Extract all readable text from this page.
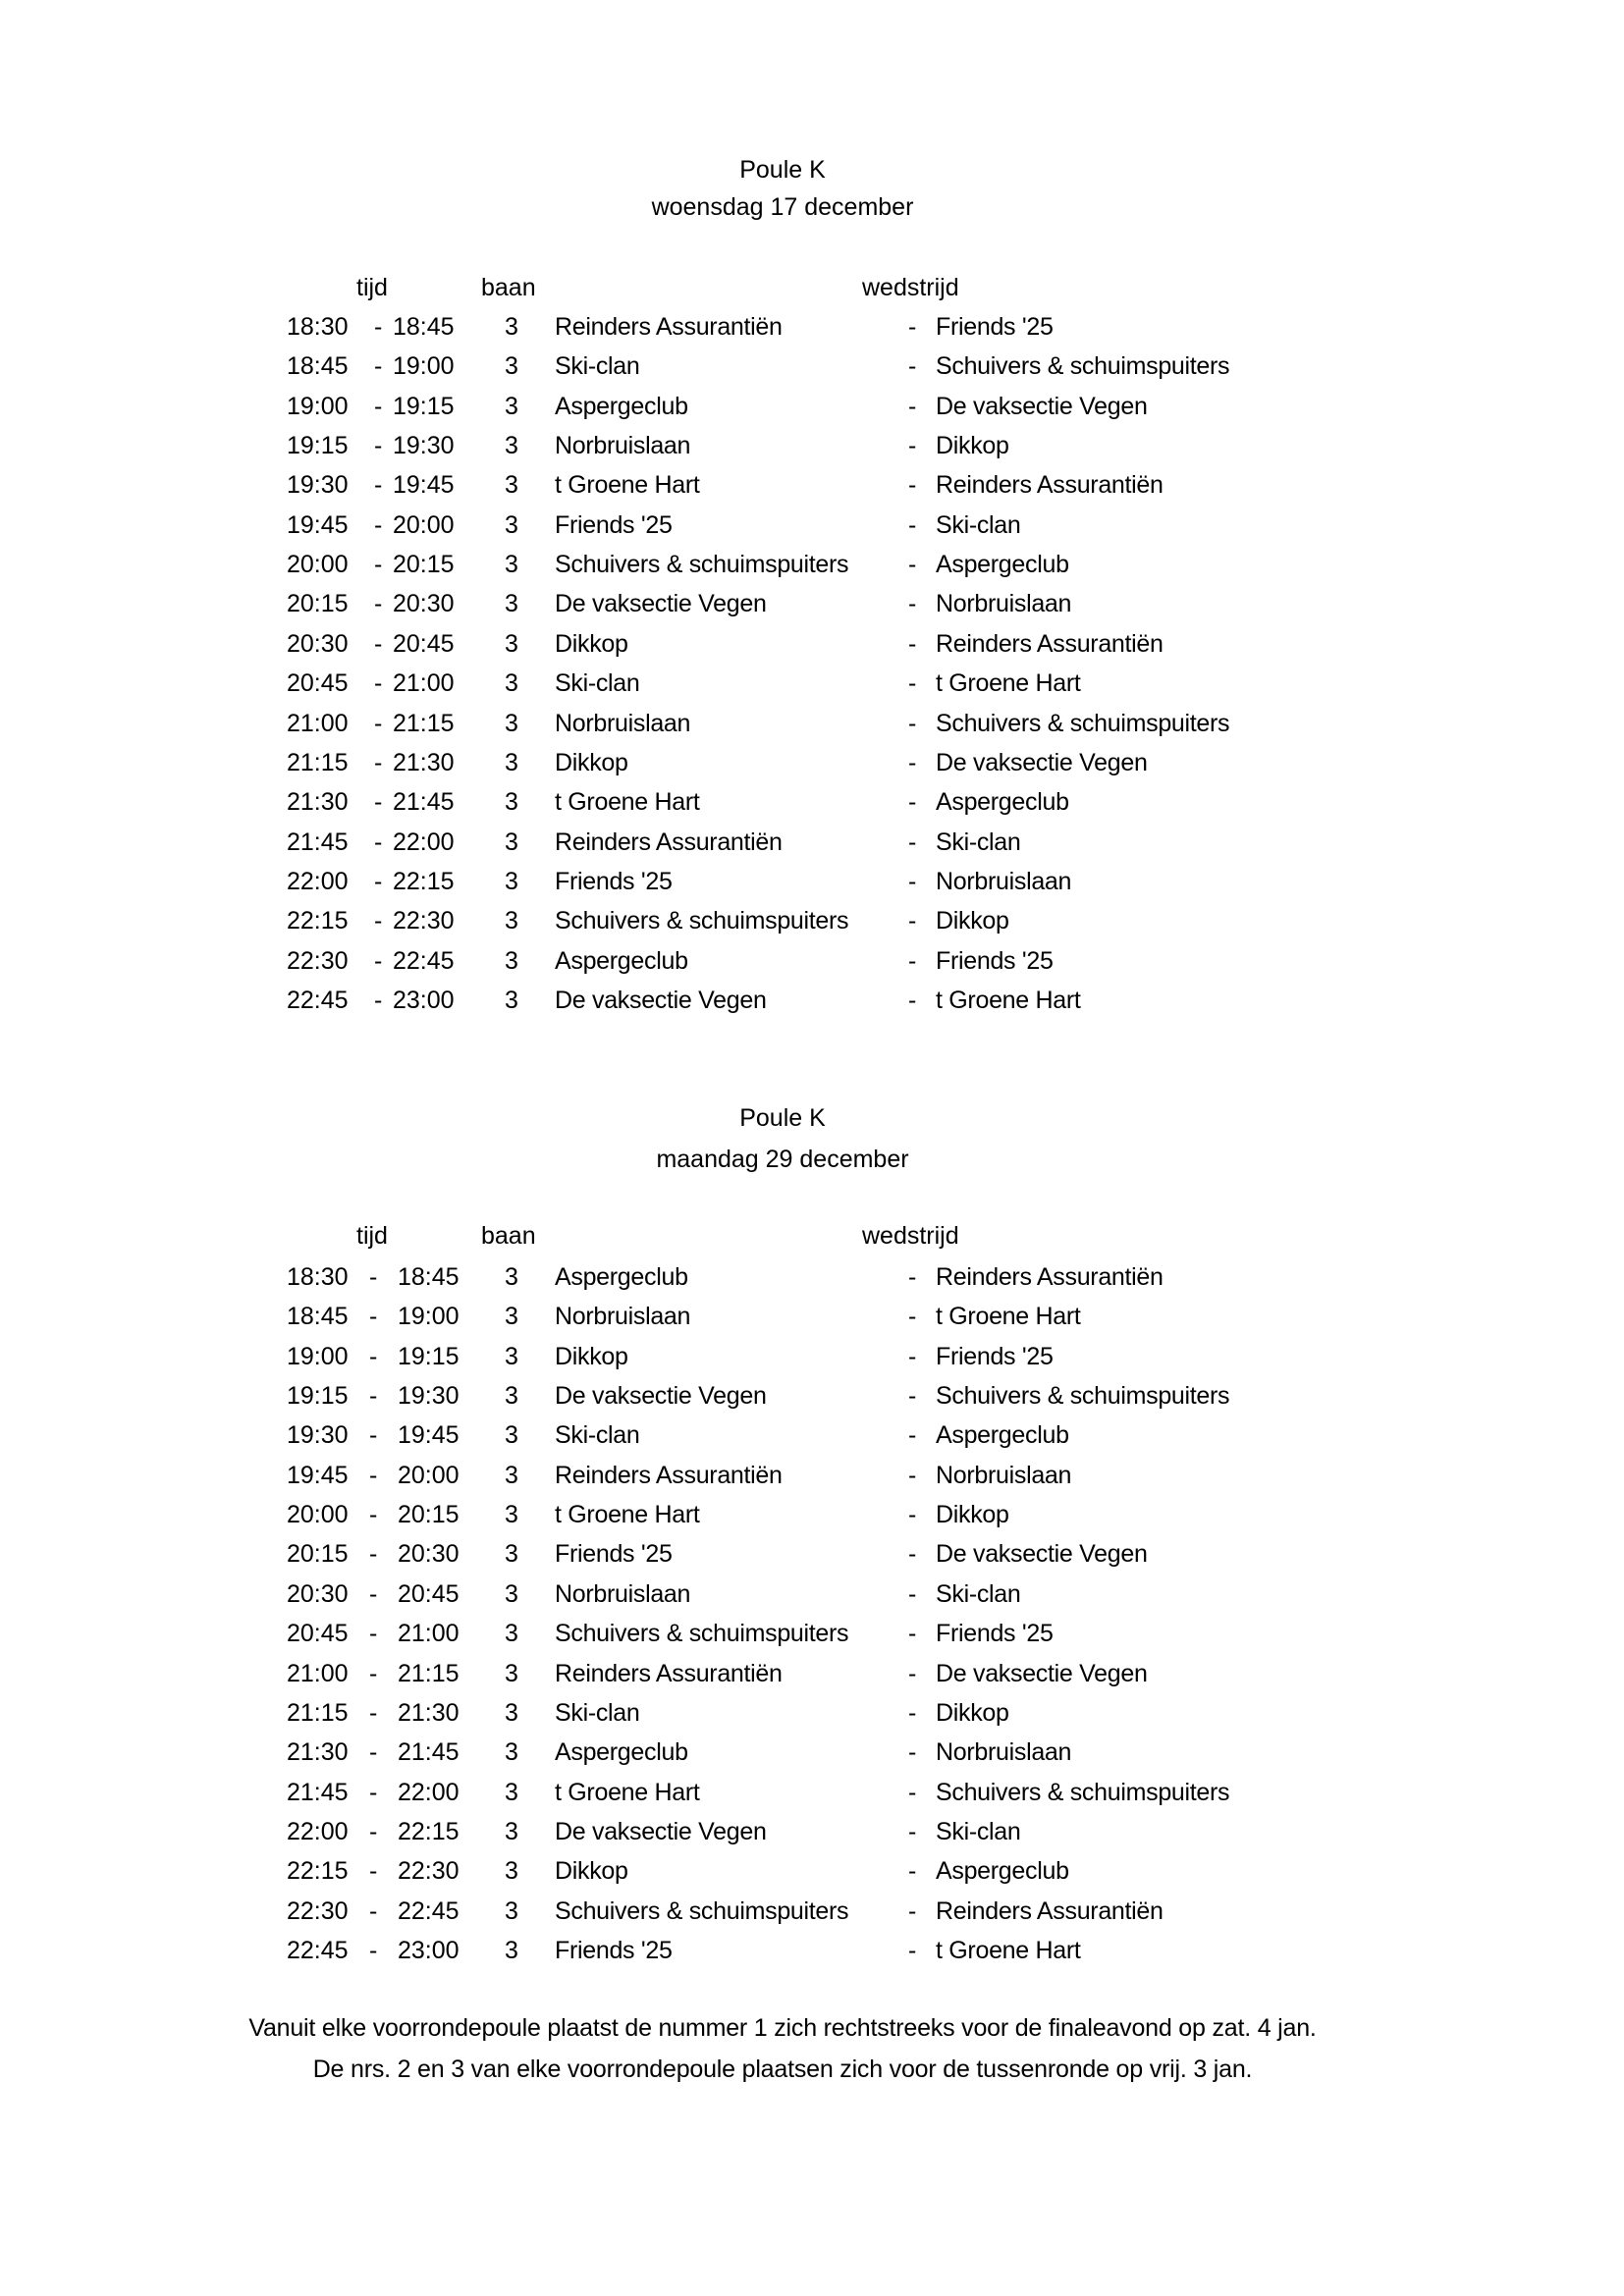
Poule K
woensdag 17 december
tijd	baan	wedstrijd
18:30 - 18:45 3 Reinders Assurantiën	- Friends '25
18:45 - 19:00 3 Ski-clan	- Schuivers & schuimspuiters
19:00 - 19:15 3 Aspergeclub	- De vaksectie Vegen
19:15 - 19:30 3 Norbruislaan	- Dikkop
19:30 - 19:45 3 t Groene Hart	- Reinders Assurantiën
19:45 - 20:00 3 Friends '25	- Ski-clan
20:00 - 20:15 3 Schuivers & schuimspuiters - Aspergeclub
20:15 - 20:30 3 De vaksectie Vegen	- Norbruislaan
20:30 - 20:45 3 Dikkop	- Reinders Assurantiën
20:45 - 21:00 3 Ski-clan	- t Groene Hart
21:00 - 21:15 3 Norbruislaan	- Schuivers & schuimspuiters
21:15 - 21:30 3 Dikkop	- De vaksectie Vegen
21:30 - 21:45 3 t Groene Hart	- Aspergeclub
21:45 - 22:00 3 Reinders Assurantiën	- Ski-clan
22:00 - 22:15 3 Friends '25	- Norbruislaan
22:15 - 22:30 3 Schuivers & schuimspuiters - Dikkop
22:30 - 22:45 3 Aspergeclub	- Friends '25
22:45 - 23:00 3 De vaksectie Vegen	- t Groene Hart
Poule K
maandag 29 december
tijd	baan	wedstrijd
18:30 - 18:45 3 Aspergeclub	- Reinders Assurantiën
18:45 - 19:00 3 Norbruislaan	- t Groene Hart
19:00 - 19:15 3 Dikkop	- Friends '25
19:15 - 19:30 3 De vaksectie Vegen	- Schuivers & schuimspuiters
19:30 - 19:45 3 Ski-clan	- Aspergeclub
19:45 - 20:00 3 Reinders Assurantiën	- Norbruislaan
20:00 - 20:15 3 t Groene Hart	- Dikkop
20:15 - 20:30 3 Friends '25	- De vaksectie Vegen
20:30 - 20:45 3 Norbruislaan	- Ski-clan
20:45 - 21:00 3 Schuivers & schuimspuiters - Friends '25
21:00 - 21:15 3 Reinders Assurantiën	- De vaksectie Vegen
21:15 - 21:30 3 Ski-clan	- Dikkop
21:30 - 21:45 3 Aspergeclub	- Norbruislaan
21:45 - 22:00 3 t Groene Hart	- Schuivers & schuimspuiters
22:00 - 22:15 3 De vaksectie Vegen	- Ski-clan
22:15 - 22:30 3 Dikkop	- Aspergeclub
22:30 - 22:45 3 Schuivers & schuimspuiters - Reinders Assurantiën
22:45 - 23:00 3 Friends '25	- t Groene Hart
Vanuit elke voorrondepoule plaatst de nummer 1 zich rechtstreeks voor de finaleavond op zat. 4 jan.
De nrs. 2 en 3 van elke voorrondepoule plaatsen zich voor de tussenronde op vrij. 3 jan.
